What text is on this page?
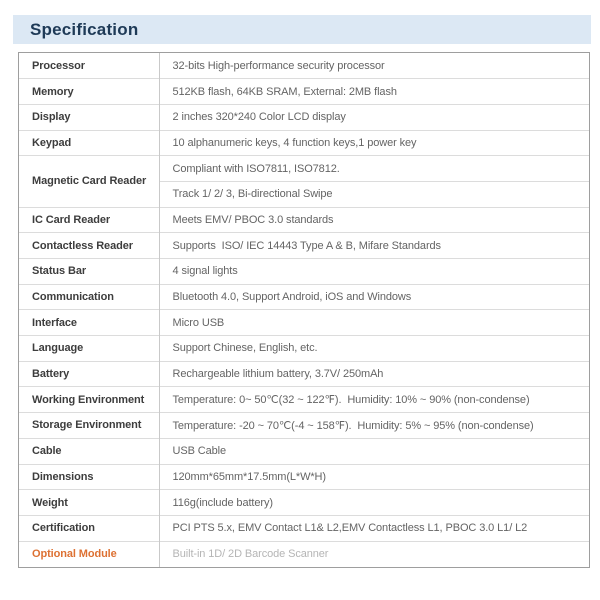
Specification
Processor	32-bits High-performance security processor
Memory	512KB flash, 64KB SRAM, External: 2MB flash
Display	2 inches 320*240 Color LCD display
Keypad	10 alphanumeric keys, 4 function keys,1 power key
Magnetic Card Reader	Compliant with ISO7811, ISO7812.
	Track 1/ 2/ 3, Bi-directional Swipe
IC Card Reader	Meets EMV/ PBOC 3.0 standards
Contactless Reader	Supports  ISO/ IEC 14443 Type A & B, Mifare Standards
Status Bar	4 signal lights
Communication	Bluetooth 4.0, Support Android, iOS and Windows
Interface	Micro USB
Language	Support Chinese, English, etc.
Battery	Rechargeable lithium battery, 3.7V/ 250mAh
Working Environment	Temperature: 0~ 50℃(32 ~ 122℉).  Humidity: 10% ~ 90% (non-condense)
Storage Environment	Temperature: -20 ~ 70℃(-4 ~ 158℉).  Humidity: 5% ~ 95% (non-condense)
Cable	USB Cable
Dimensions	120mm*65mm*17.5mm(L*W*H)
Weight	116g(include battery)
Certification	PCI PTS 5.x, EMV Contact L1& L2,EMV Contactless L1, PBOC 3.0 L1/ L2
Optional Module	Built-in 1D/ 2D Barcode Scanner
